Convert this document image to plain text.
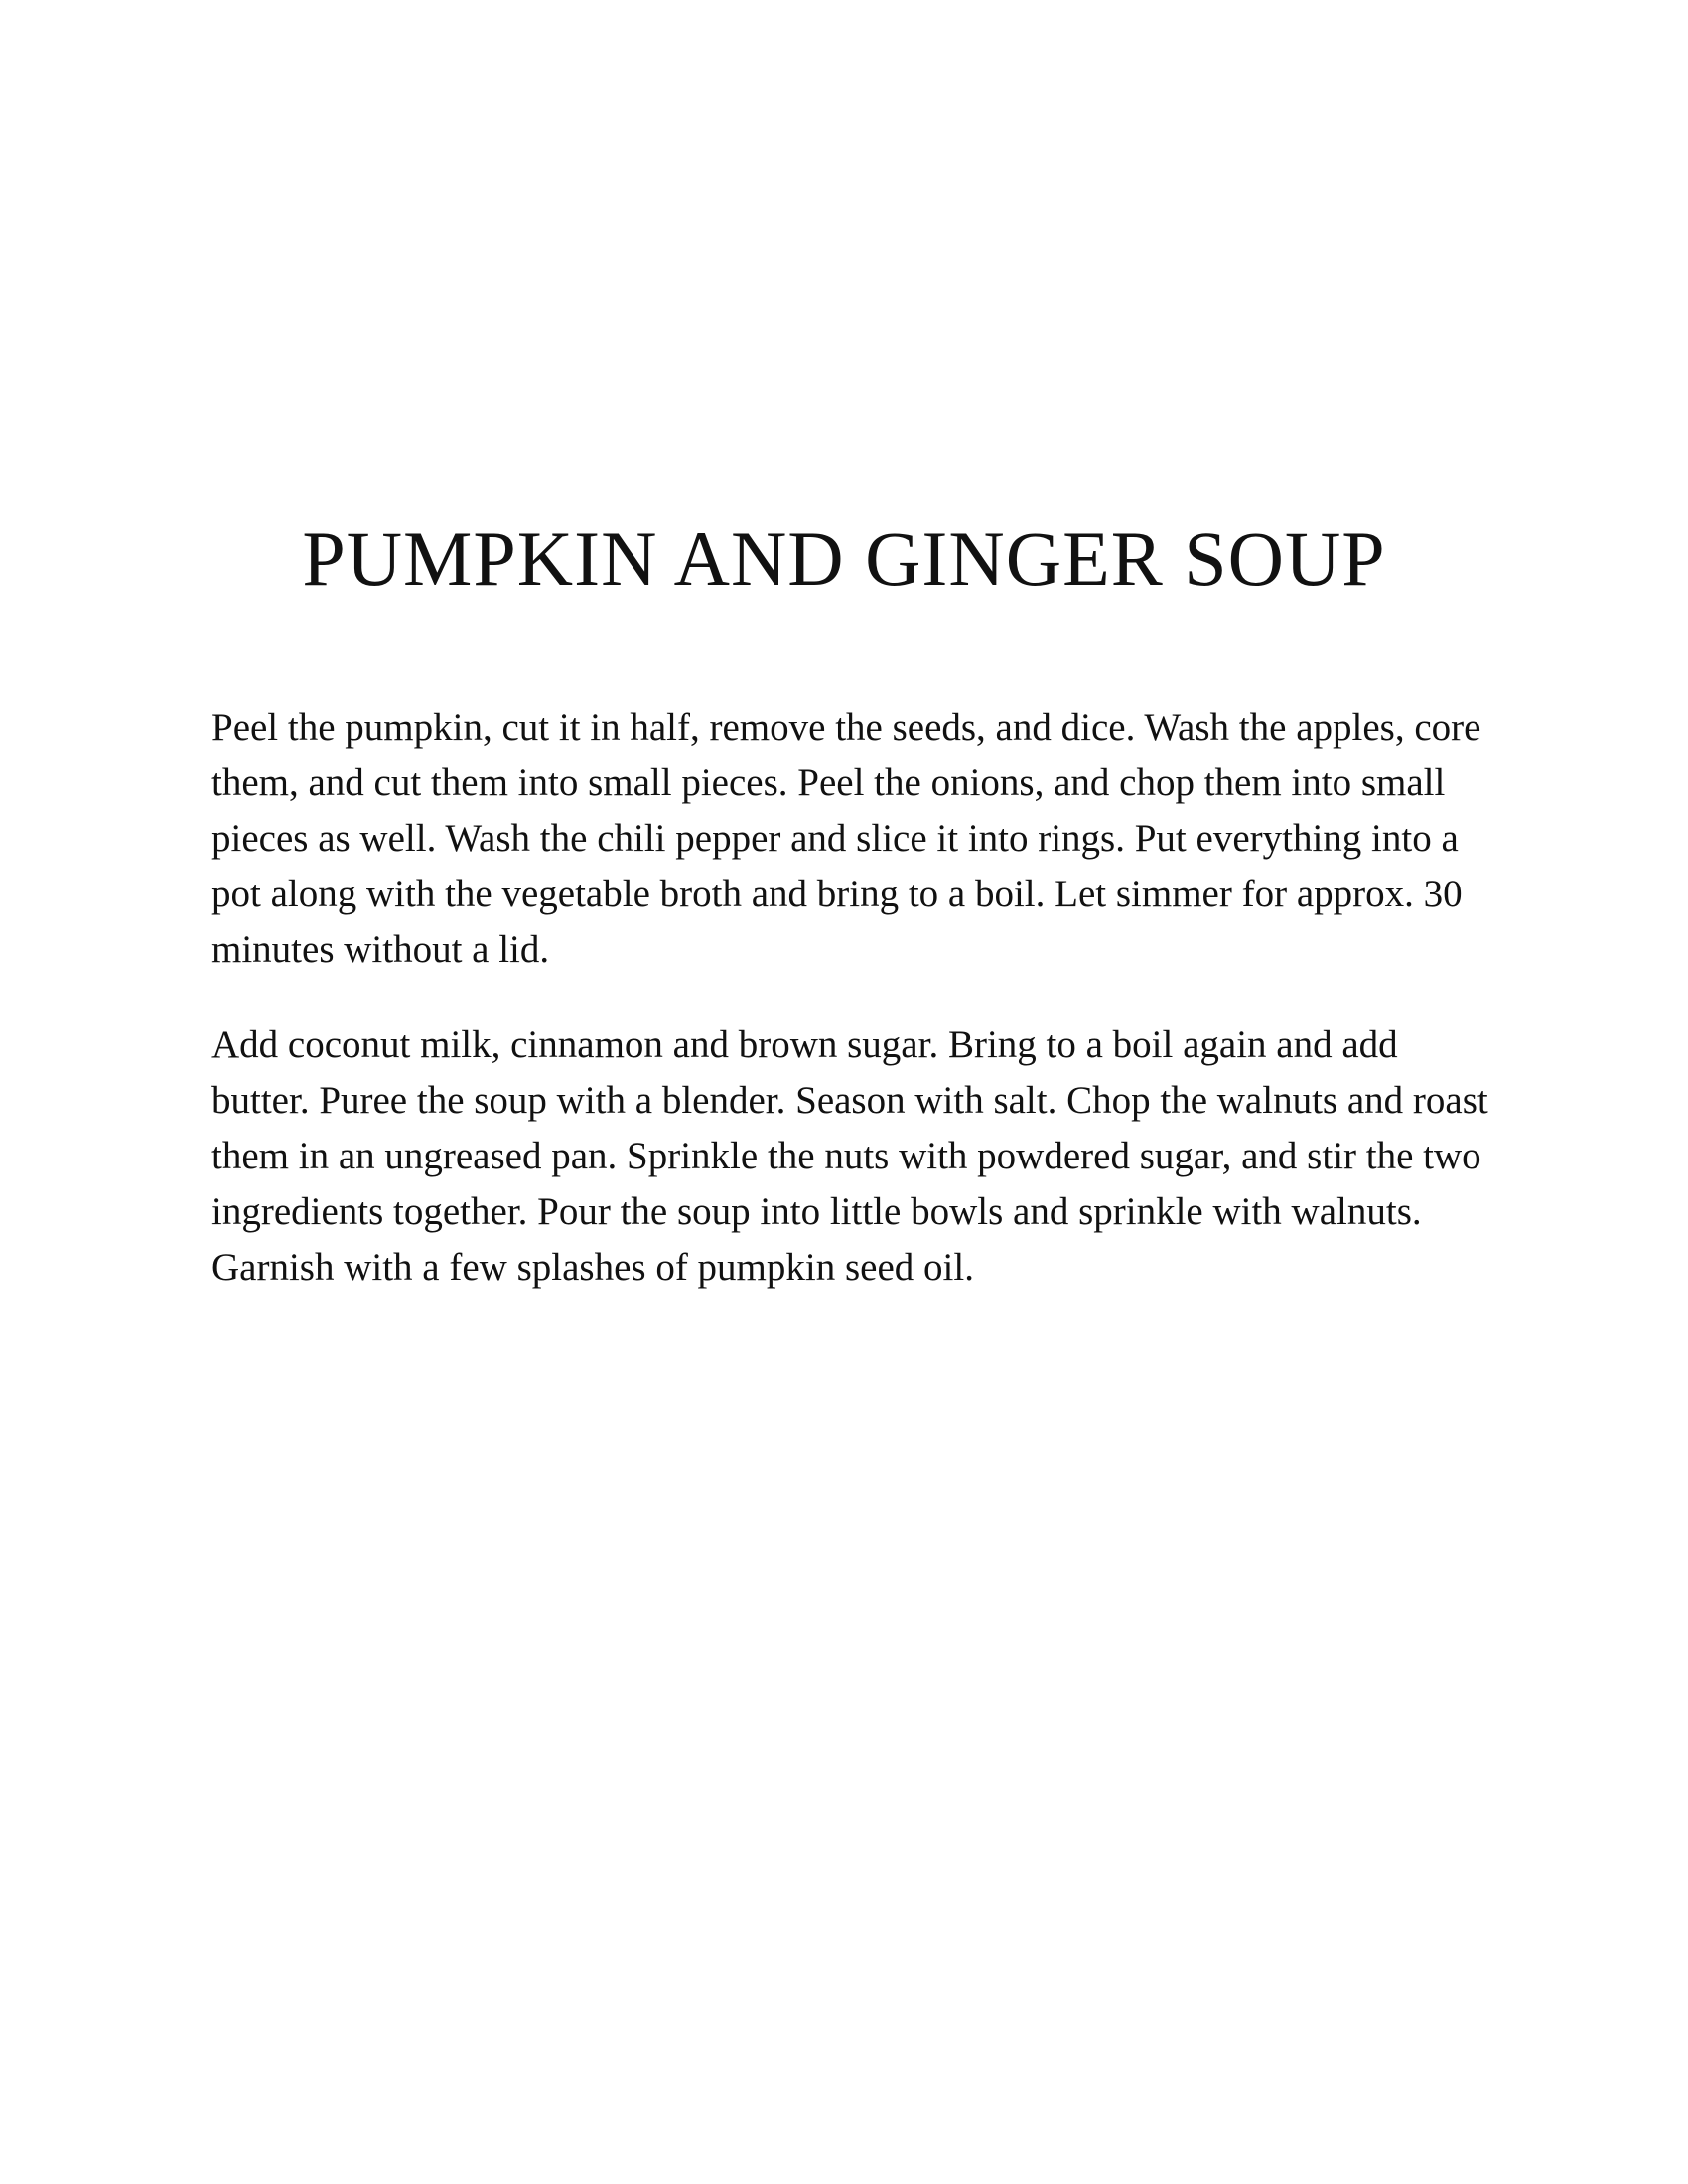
PUMPKIN AND GINGER SOUP

Peel the pumpkin, cut it in half, remove the seeds, and dice. Wash the apples, core them, and cut them into small pieces. Peel the onions, and chop them into small pieces as well. Wash the chili pepper and slice it into rings. Put everything into a pot along with the vegetable broth and bring to a boil. Let simmer for approx. 30 minutes without a lid.

Add coconut milk, cinnamon and brown sugar. Bring to a boil again and add butter. Puree the soup with a blender. Season with salt. Chop the walnuts and roast them in an ungreased pan. Sprinkle the nuts with powdered sugar, and stir the two ingredients together. Pour the soup into little bowls and sprinkle with walnuts. Garnish with a few splashes of pumpkin seed oil.
